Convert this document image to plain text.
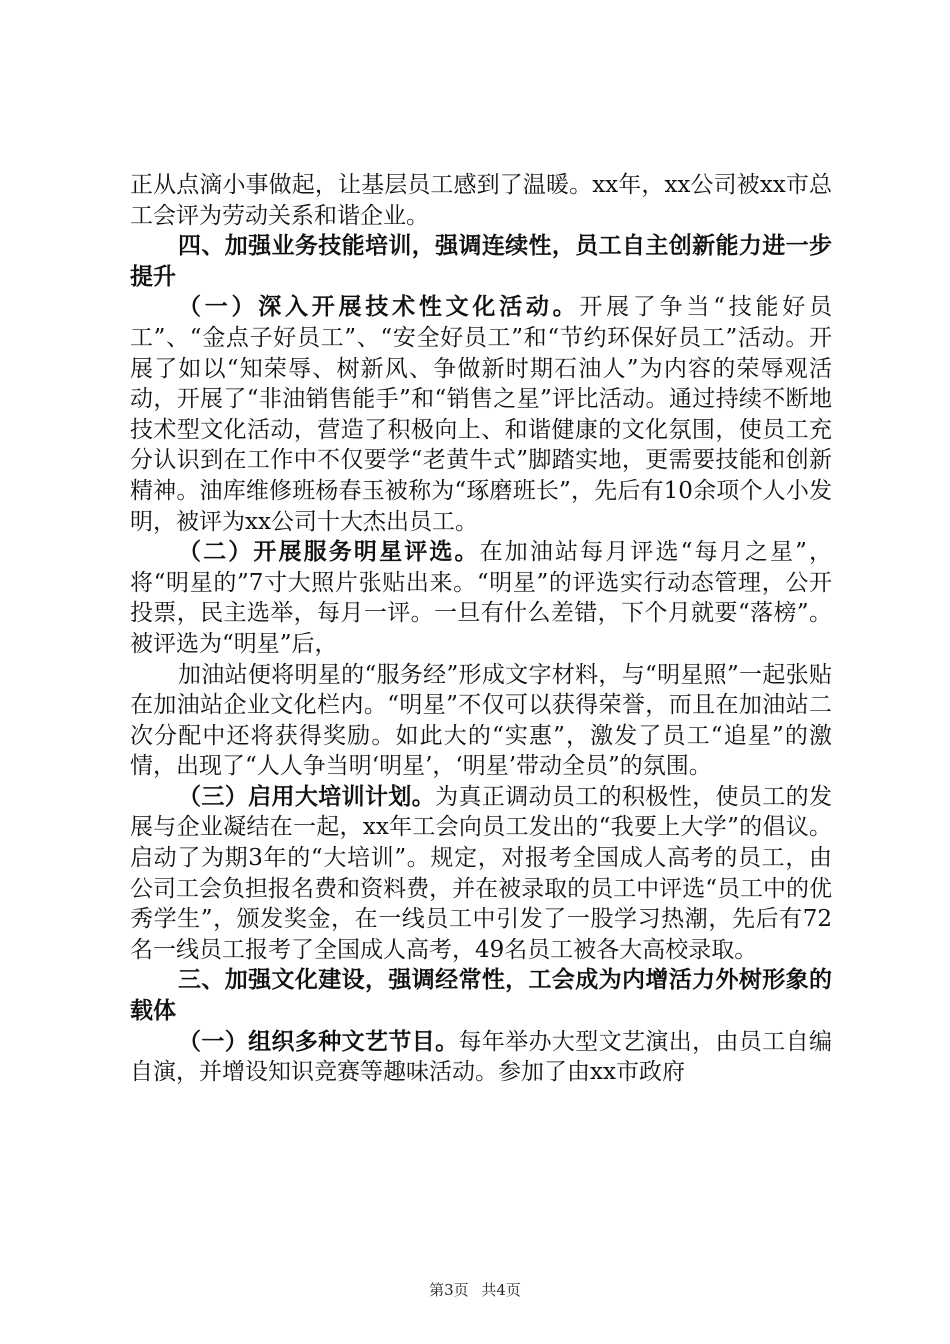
正从点滴小事做起，让基层员工感到了温暖。xx年，xx公司被xx市总工会评为劳动关系和谐企业。

四、加强业务技能培训，强调连续性，员工自主创新能力进一步提升

（一）深入开展技术性文化活动。开展了争当“技能好员工”、“金点子好员工”、“安全好员工”和“节约环保好员工”活动。开展了如以“知荣辱、树新风、争做新时期石油人”为内容的荣辱观活动，开展了“非油销售能手”和“销售之星”评比活动。通过持续不断地技术型文化活动，营造了积极向上、和谐健康的文化氛围，使员工充分认识到在工作中不仅要学“老黄牛式”脚踏实地，更需要技能和创新精神。油库维修班杨春玉被称为“琢磨班长”，先后有10余项个人小发明，被评为xx公司十大杰出员工。

（二）开展服务明星评选。在加油站每月评选“每月之星”，将“明星的”7寸大照片张贴出来。“明星”的评选实行动态管理，公开投票，民主选举，每月一评。一旦有什么差错，下个月就要“落榜”。被评选为“明星”后，

加油站便将明星的“服务经”形成文字材料，与“明星照”一起张贴在加油站企业文化栏内。“明星”不仅可以获得荣誉，而且在加油站二次分配中还将获得奖励。如此大的“实惠”，激发了员工“追星”的激情，出现了“人人争当明‘明星’，‘明星’带动全员”的氛围。

（三）启用大培训计划。为真正调动员工的积极性，使员工的发展与企业凝结在一起，xx年工会向员工发出的“我要上大学”的倡议。启动了为期3年的“大培训”。规定，对报考全国成人高考的员工，由公司工会负担报名费和资料费，并在被录取的员工中评选“员工中的优秀学生”，颁发奖金，在一线员工中引发了一股学习热潮，先后有72名一线员工报考了全国成人高考，49名员工被各大高校录取。

三、加强文化建设，强调经常性，工会成为内增活力外树形象的载体

（一）组织多种文艺节目。每年举办大型文艺演出，由员工自编自演，并增设知识竞赛等趣味活动。参加了由xx市政府

第3页 共4页
